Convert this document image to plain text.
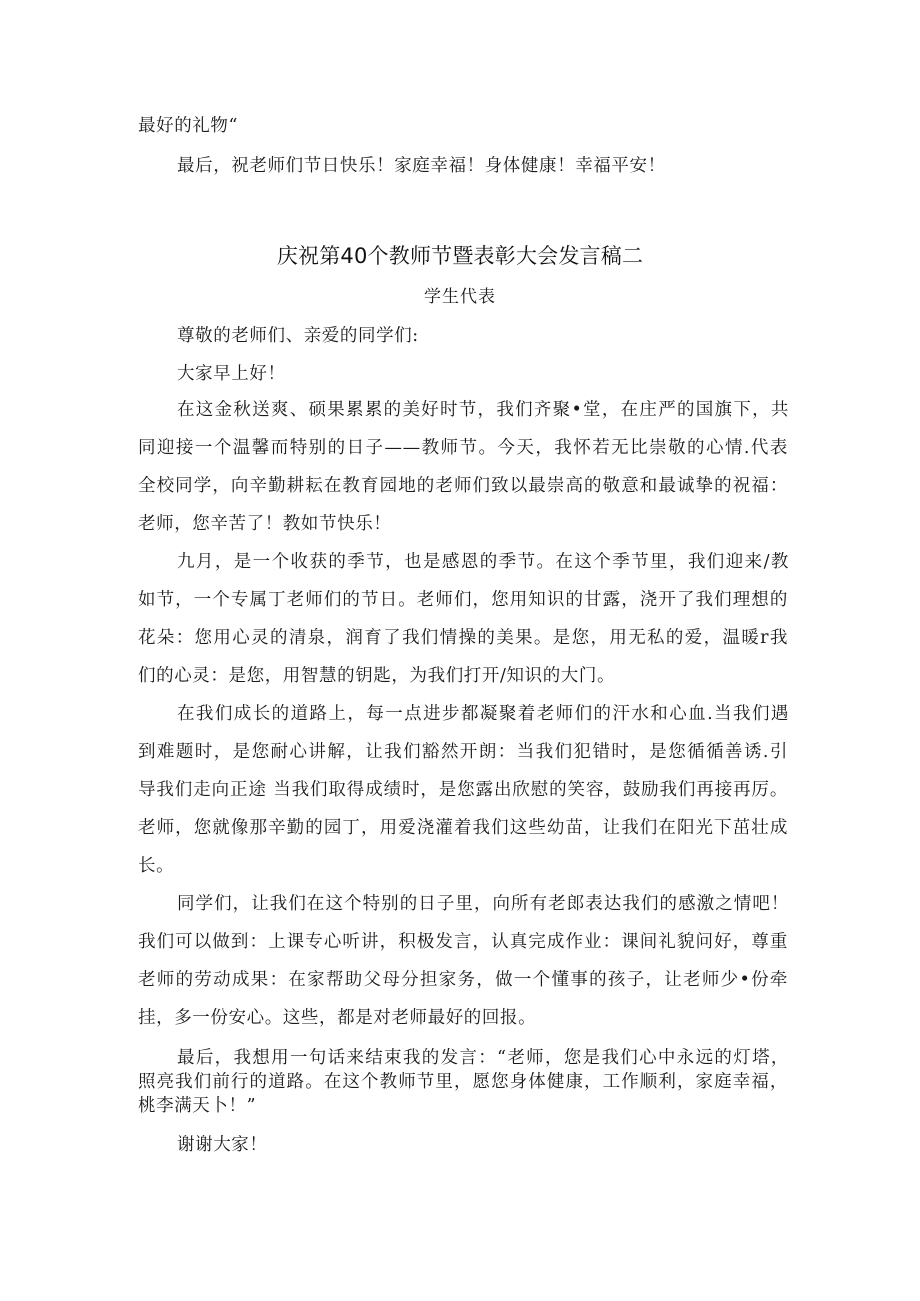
最好的礼物“
最后，祝老师们节日快乐！家庭幸福！身体健康！幸福平安！
庆祝第40个教师节暨表彰大会发言稿二
学生代表
尊敬的老师们、亲爱的同学们:
大家早上好！
在这金秋送爽、硕果累累的美好时节，我们齐聚•堂，在庄严的国旗下，共
同迎接一个温馨而特别的日子——教师节。今天，我怀若无比崇敬的心情.代表
全校同学，向辛勤耕耘在教育园地的老师们致以最崇高的敬意和最诚挚的祝福：
老师，您辛苦了！教如节快乐！
九月，是一个收获的季节，也是感恩的季节。在这个季节里，我们迎来/教
如节，一个专属丁老师们的节日。老师们，您用知识的甘露，浇开了我们理想的
花朵：您用心灵的清泉，润育了我们情操的美果。是您，用无私的爱，温暖r我
们的心灵：是您，用智慧的钥匙，为我们打开/知识的大门。
在我们成长的道路上，每一点进步都凝聚着老师们的汗水和心血.当我们遇
到难题时，是您耐心讲解，让我们豁然开朗：当我们犯错时，是您循循善诱.引
导我们走向正途 当我们取得成绩时，是您露出欣慰的笑容，鼓励我们再接再厉。
老师，您就像那辛勤的园丁，用爱浇灌着我们这些幼苗，让我们在阳光下茁壮成
长。
同学们，让我们在这个特别的日子里，向所有老郎表达我们的感激之情吧！
我们可以做到：上课专心听讲，积极发言，认真完成作业：课间礼貌问好，尊重
老师的劳动成果：在家帮助父母分担家务，做一个懂事的孩子，让老师少•份牵
挂，多一份安心。这些，都是对老师最好的回报。
最后，我想用一句话来结束我的发言：“老师，您是我们心中永远的灯塔，
照亮我们前行的道路。在这个教师节里，愿您身体健康，工作顺利，家庭幸福，
桃李满天卜！”
谢谢大家！
